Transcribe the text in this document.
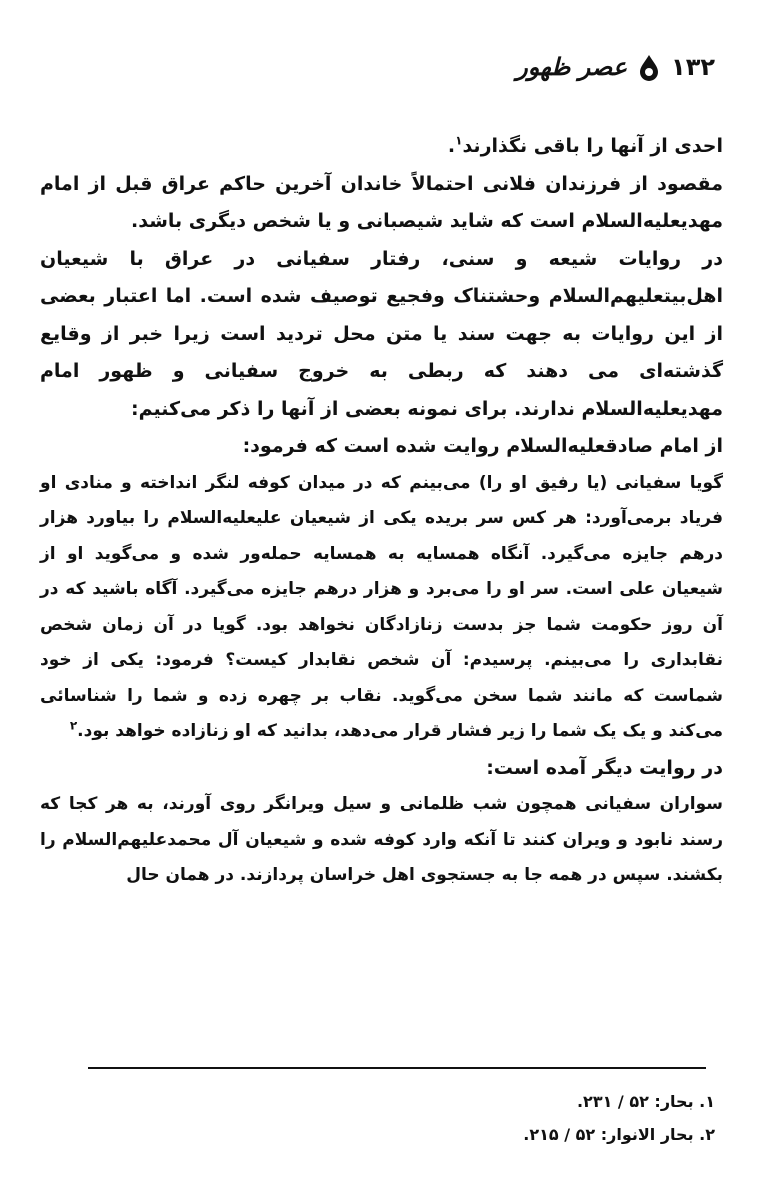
۱۳۲
عصر ظهور

احدی از آنها را باقی نگذارند$^۱$.

مقصود از فرزندان فلانی احتمالاً خاندان آخرین حاکم عراق قبل از امام مهدیعلیه‌السلام است که شاید شیصبانی و یا شخص دیگری باشد.

در روایات شیعه و سنی، رفتار سفیانی در عراق با شیعیان اهل‌بیتعلیهم‌السلام وحشتناک وفجیع توصیف شده است. اما اعتبار بعضی از این روایات به جهت سند یا متن محل تردید است زیرا خبر از وقایع گذشته‌ای می دهند که ربطی به خروج سفیانی و ظهور امام مهدیعلیه‌السلام ندارند. برای نمونه بعضی از آنها را ذکر می‌کنیم:

از امام صادقعلیه‌السلام روایت شده است که فرمود:

گویا سفیانی (یا رفیق او را) می‌بینم که در میدان کوفه لنگر انداخته و منادی او فریاد برمی‌آورد: هر کس سر بریده یکی از شیعیان علیعلیه‌السلام را بیاورد هزار درهم جایزه می‌گیرد. آنگاه همسایه به همسایه حمله‌ور شده و می‌گوید او از شیعیان علی است. سر او را می‌برد و هزار درهم جایزه می‌گیرد. آگاه باشید که در آن روز حکومت شما جز بدست زنازادگان نخواهد بود. گویا در آن زمان شخص نقابداری را می‌بینم. پرسیدم: آن شخص نقابدار کیست؟ فرمود: یکی از خود شماست که مانند شما سخن می‌گوید. نقاب بر چهره زده و شما را شناسائی می‌کند و یک یک شما را زیر فشار قرار می‌دهد، بدانید که او زنازاده خواهد بود.$^۲$

در روایت دیگر آمده است:

سواران سفیانی همچون شب ظلمانی و سیل ویرانگر روی آورند، به هر کجا که رسند نابود و ویران کنند تا آنکه وارد کوفه شده و شیعیان آل محمدعلیهم‌السلام را بکشند. سپس در همه جا به جستجوی اهل خراسان پردازند. در همان حال

۱. بحار: ۵۲ / ۲۳۱.

۲. بحار الانوار: ۵۲ / ۲۱۵.
